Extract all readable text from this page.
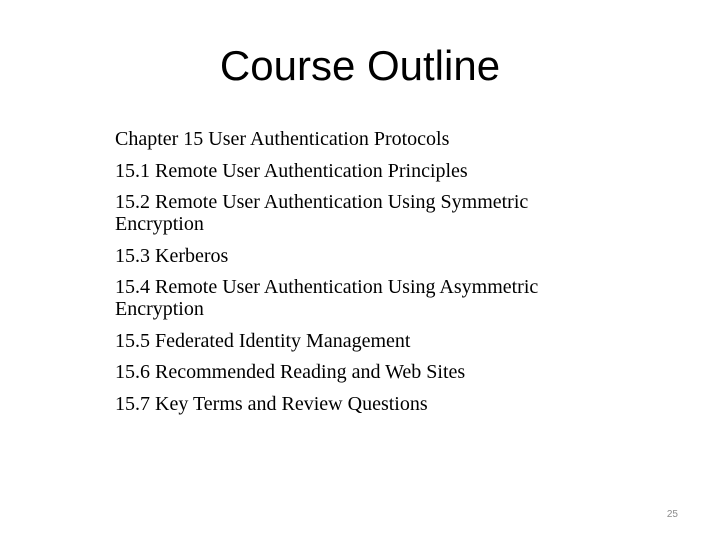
Course Outline
Chapter 15 User Authentication Protocols
15.1 Remote User Authentication Principles
15.2 Remote User Authentication Using Symmetric Encryption
15.3 Kerberos
15.4 Remote User Authentication Using Asymmetric Encryption
15.5 Federated Identity Management
15.6 Recommended Reading and Web Sites
15.7 Key Terms and Review Questions
25
